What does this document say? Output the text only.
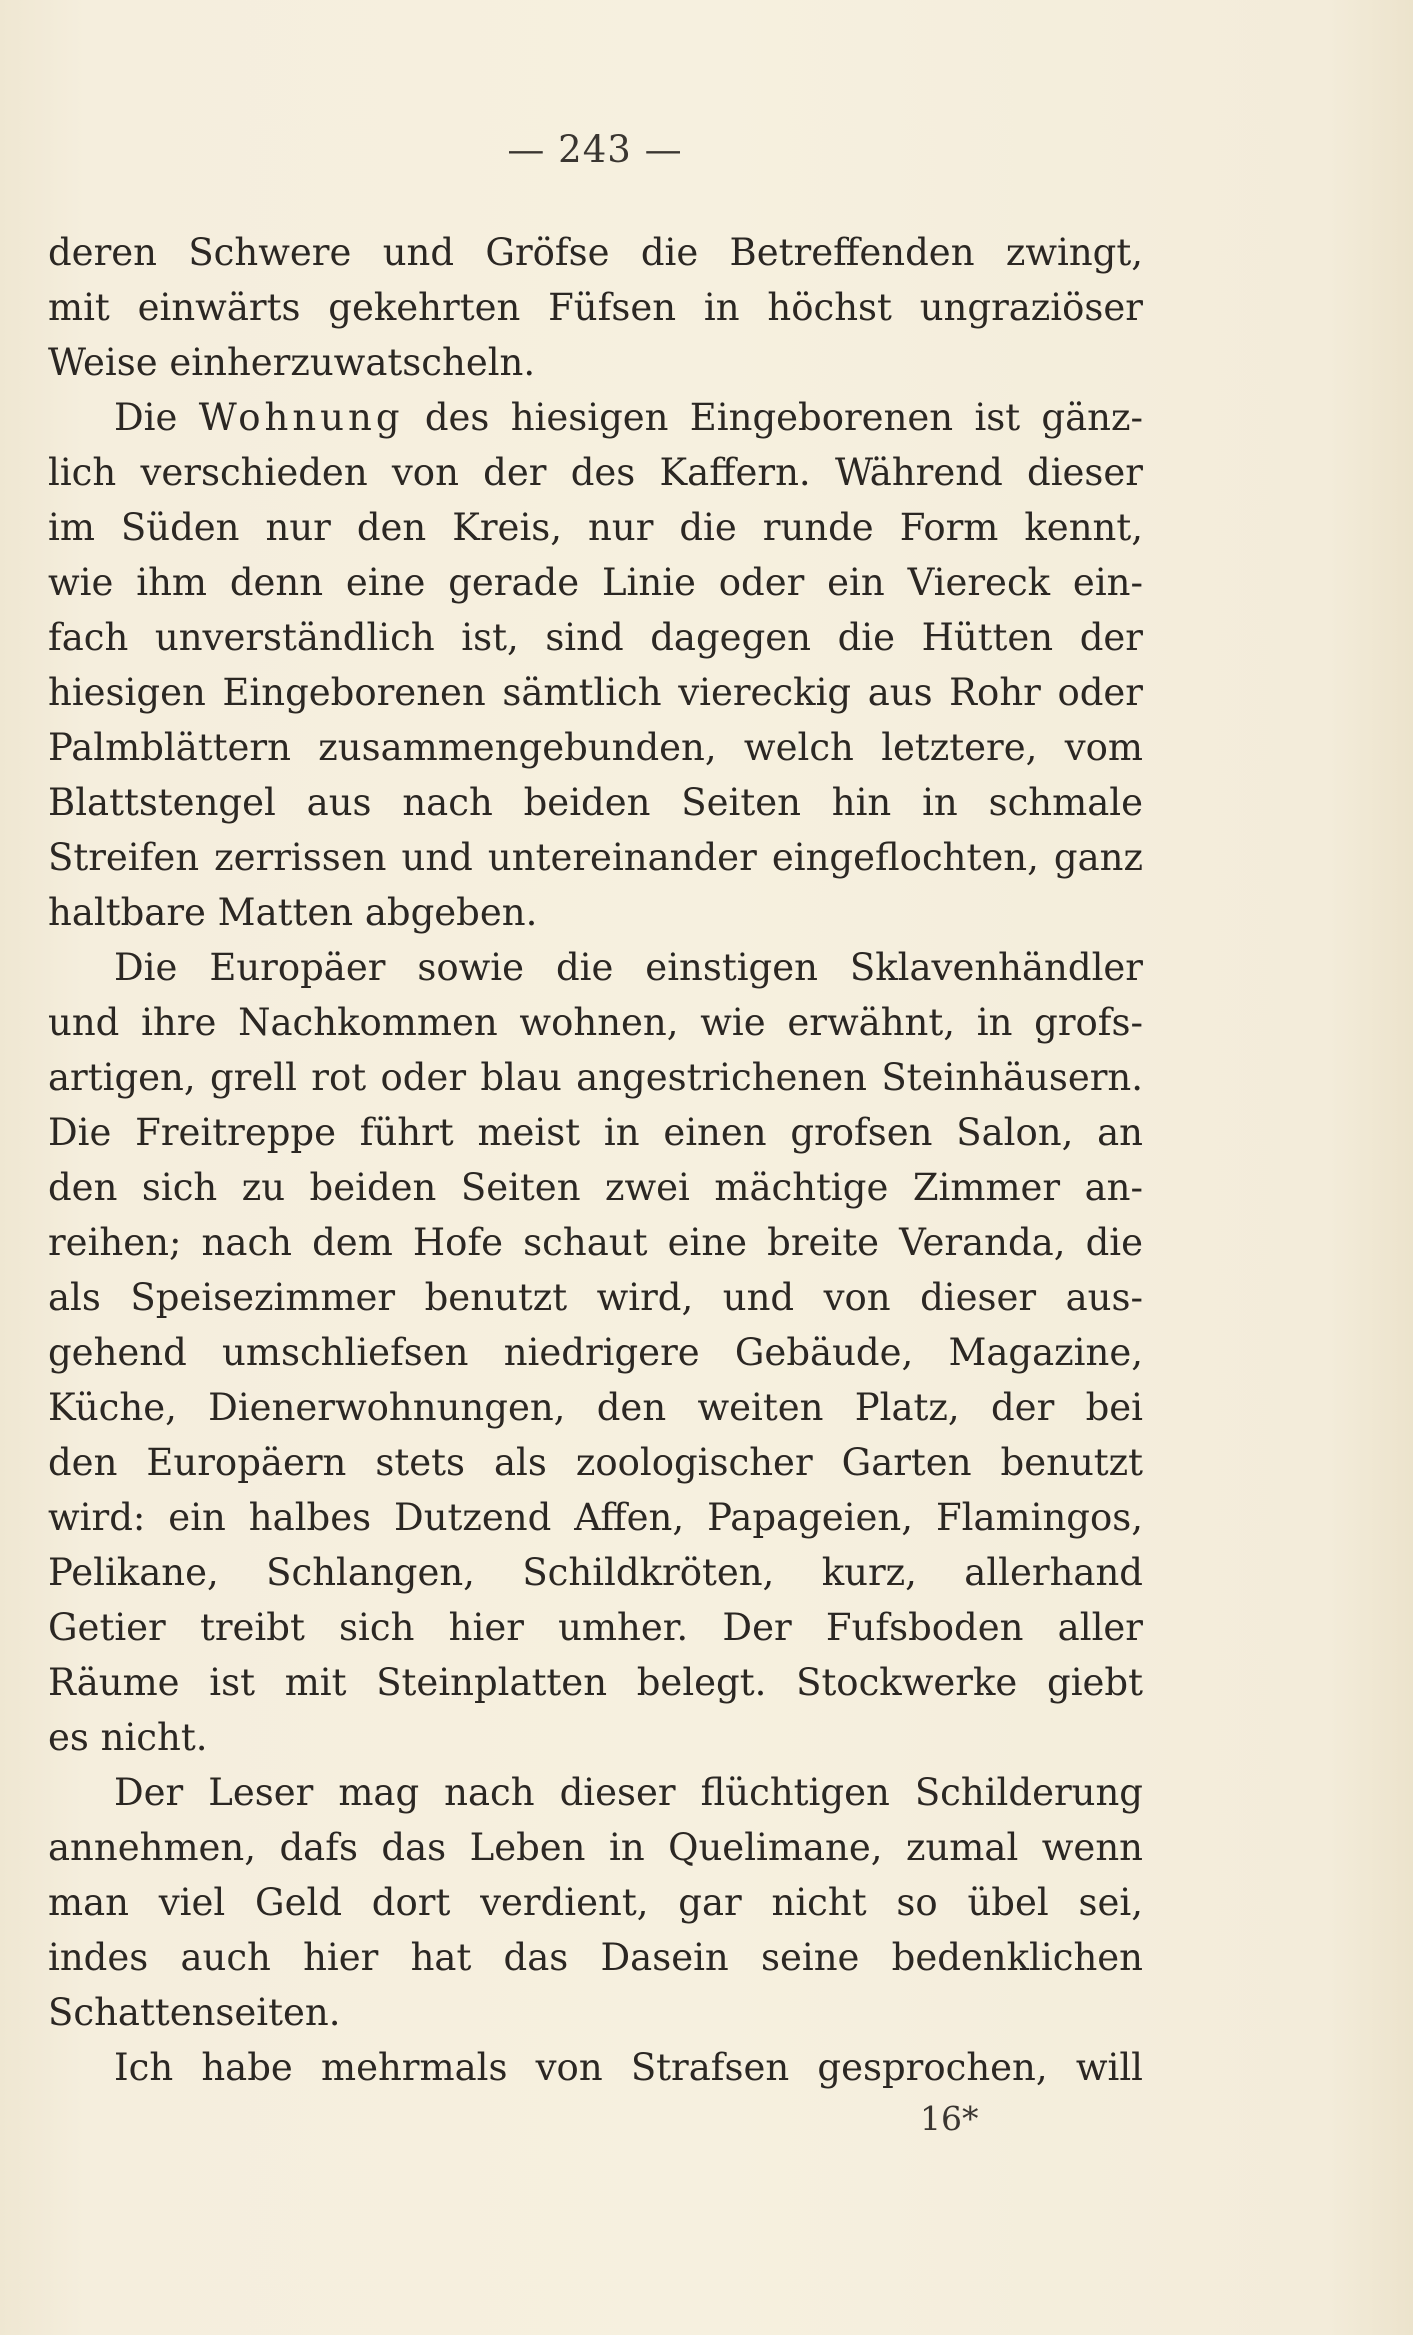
— 243 —
deren Schwere und Gröfse die Betreffenden zwingt,
mit einwärts gekehrten Füfsen in höchst ungraziöser
Weise einherzuwatscheln.
Die Wohnung des hiesigen Eingeborenen ist gänz-
lich verschieden von der des Kaffern. Während dieser
im Süden nur den Kreis, nur die runde Form kennt,
wie ihm denn eine gerade Linie oder ein Viereck ein-
fach unverständlich ist, sind dagegen die Hütten der
hiesigen Eingeborenen sämtlich viereckig aus Rohr oder
Palmblättern zusammengebunden, welch letztere, vom
Blattstengel aus nach beiden Seiten hin in schmale
Streifen zerrissen und untereinander eingeflochten, ganz
haltbare Matten abgeben.
Die Europäer sowie die einstigen Sklavenhändler
und ihre Nachkommen wohnen, wie erwähnt, in grofs-
artigen, grell rot oder blau angestrichenen Steinhäusern.
Die Freitreppe führt meist in einen grofsen Salon, an
den sich zu beiden Seiten zwei mächtige Zimmer an-
reihen; nach dem Hofe schaut eine breite Veranda, die
als Speisezimmer benutzt wird, und von dieser aus-
gehend umschliefsen niedrigere Gebäude, Magazine,
Küche, Dienerwohnungen, den weiten Platz, der bei
den Europäern stets als zoologischer Garten benutzt
wird: ein halbes Dutzend Affen, Papageien, Flamingos,
Pelikane, Schlangen, Schildkröten, kurz, allerhand
Getier treibt sich hier umher. Der Fufsboden aller
Räume ist mit Steinplatten belegt. Stockwerke giebt
es nicht.
Der Leser mag nach dieser flüchtigen Schilderung
annehmen, dafs das Leben in Quelimane, zumal wenn
man viel Geld dort verdient, gar nicht so übel sei,
indes auch hier hat das Dasein seine bedenklichen
Schattenseiten.
Ich habe mehrmals von Strafsen gesprochen, will
16*
